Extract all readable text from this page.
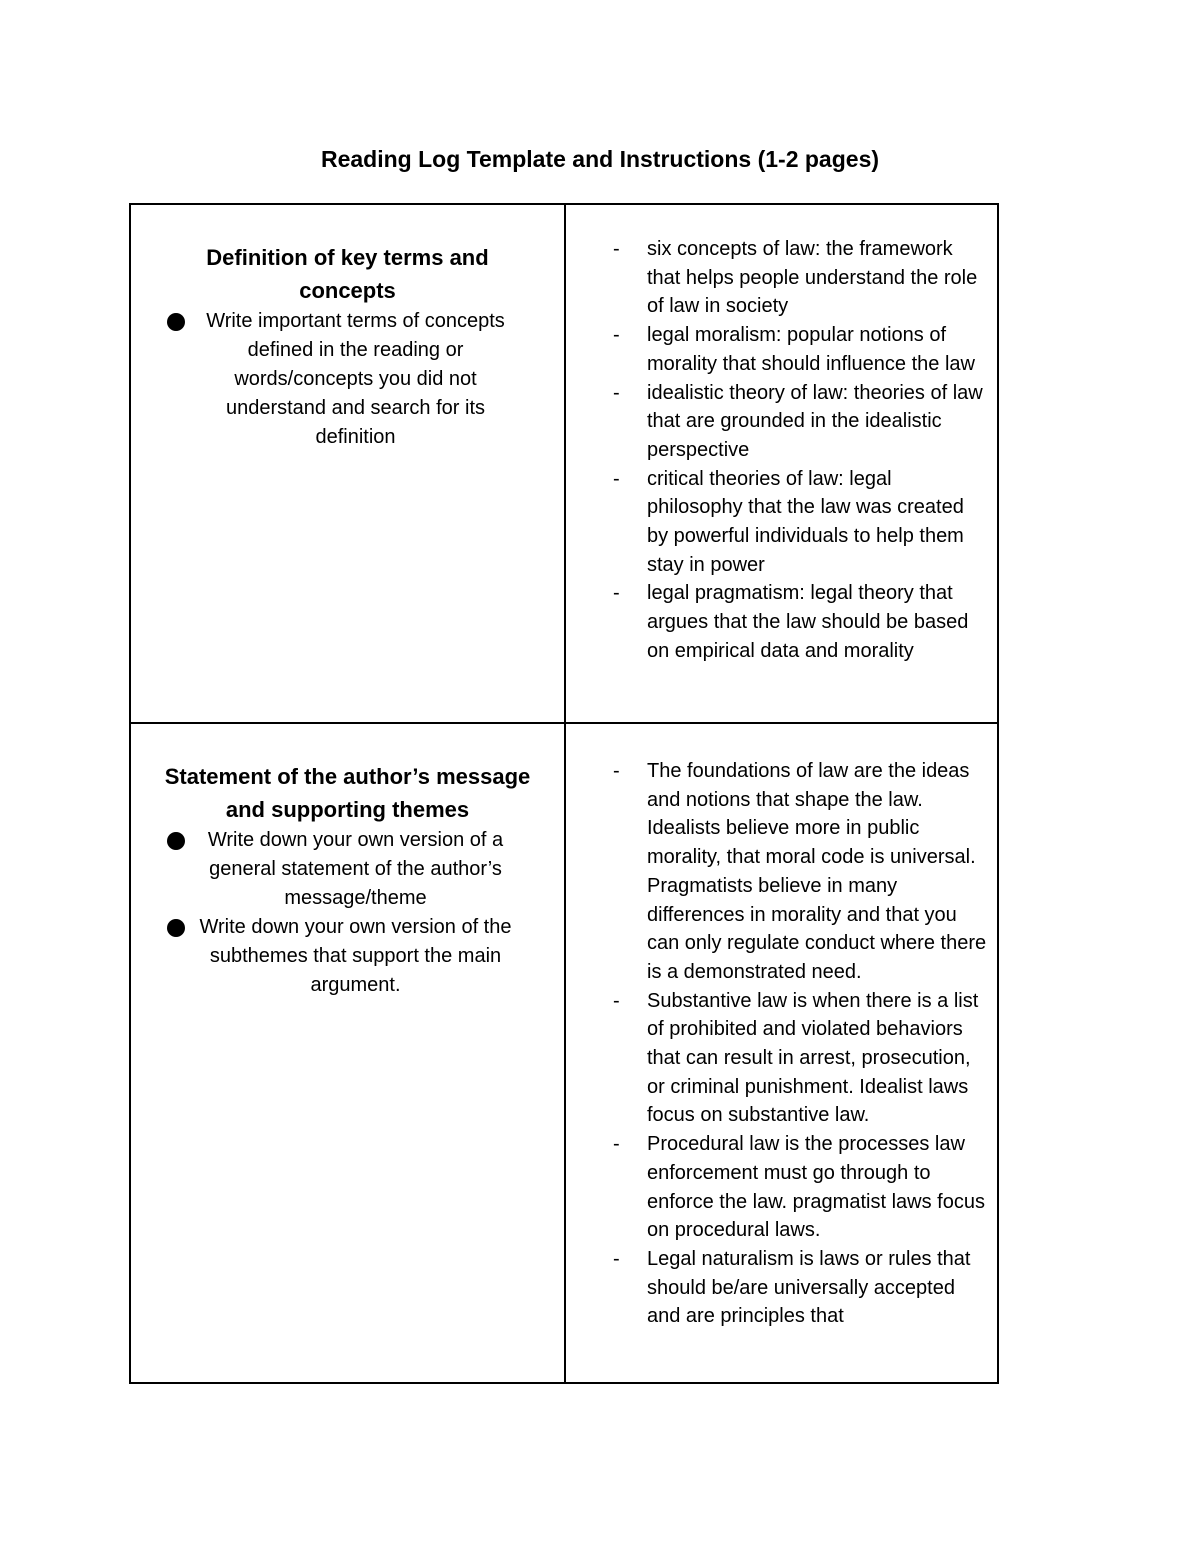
Reading Log Template and Instructions (1-2 pages)

Definition of key terms and concepts

Write important terms of concepts defined in the reading or words/concepts you did not understand and search for its definition
- six concepts of law: the framework that helps people understand the role of law in society
- legal moralism: popular notions of morality that should influence the law
- idealistic theory of law: theories of law that are grounded in the idealistic perspective
- critical theories of law: legal philosophy that the law was created by powerful individuals to help them stay in power
- legal pragmatism: legal theory that argues that the law should be based on empirical data and morality

Statement of the author’s message and supporting themes

Write down your own version of a general statement of the author’s message/theme
Write down your own version of the subthemes that support the main argument.
- The foundations of law are the ideas and notions that shape the law. Idealists believe more in public morality, that moral code is universal. Pragmatists believe in many differences in morality and that you can only regulate conduct where there is a demonstrated need.
- Substantive law is when there is a list of prohibited and violated behaviors that can result in arrest, prosecution, or criminal punishment. Idealist laws focus on substantive law.
- Procedural law is the processes law enforcement must go through to enforce the law. pragmatist laws focus on procedural laws.
- Legal naturalism is laws or rules that should be/are universally accepted and are principles that
